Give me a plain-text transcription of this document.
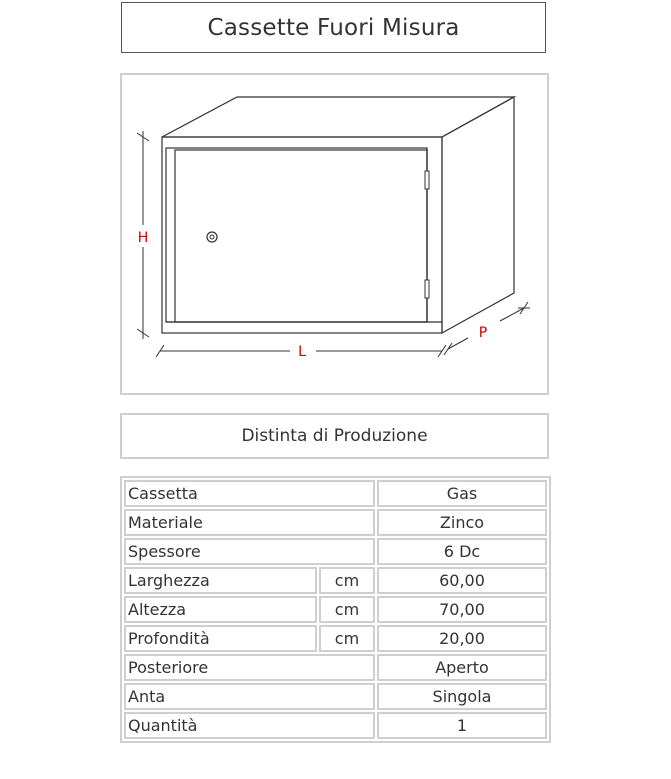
Cassette Fuori Misura
H
L
P
Distinta di Produzione
Cassetta		Gas
Materiale		Zinco
Spessore		6 Dc
Larghezza	cm	60,00
Altezza	cm	70,00
Profondità	cm	20,00
Posteriore		Aperto
Anta		Singola
Quantità		1
